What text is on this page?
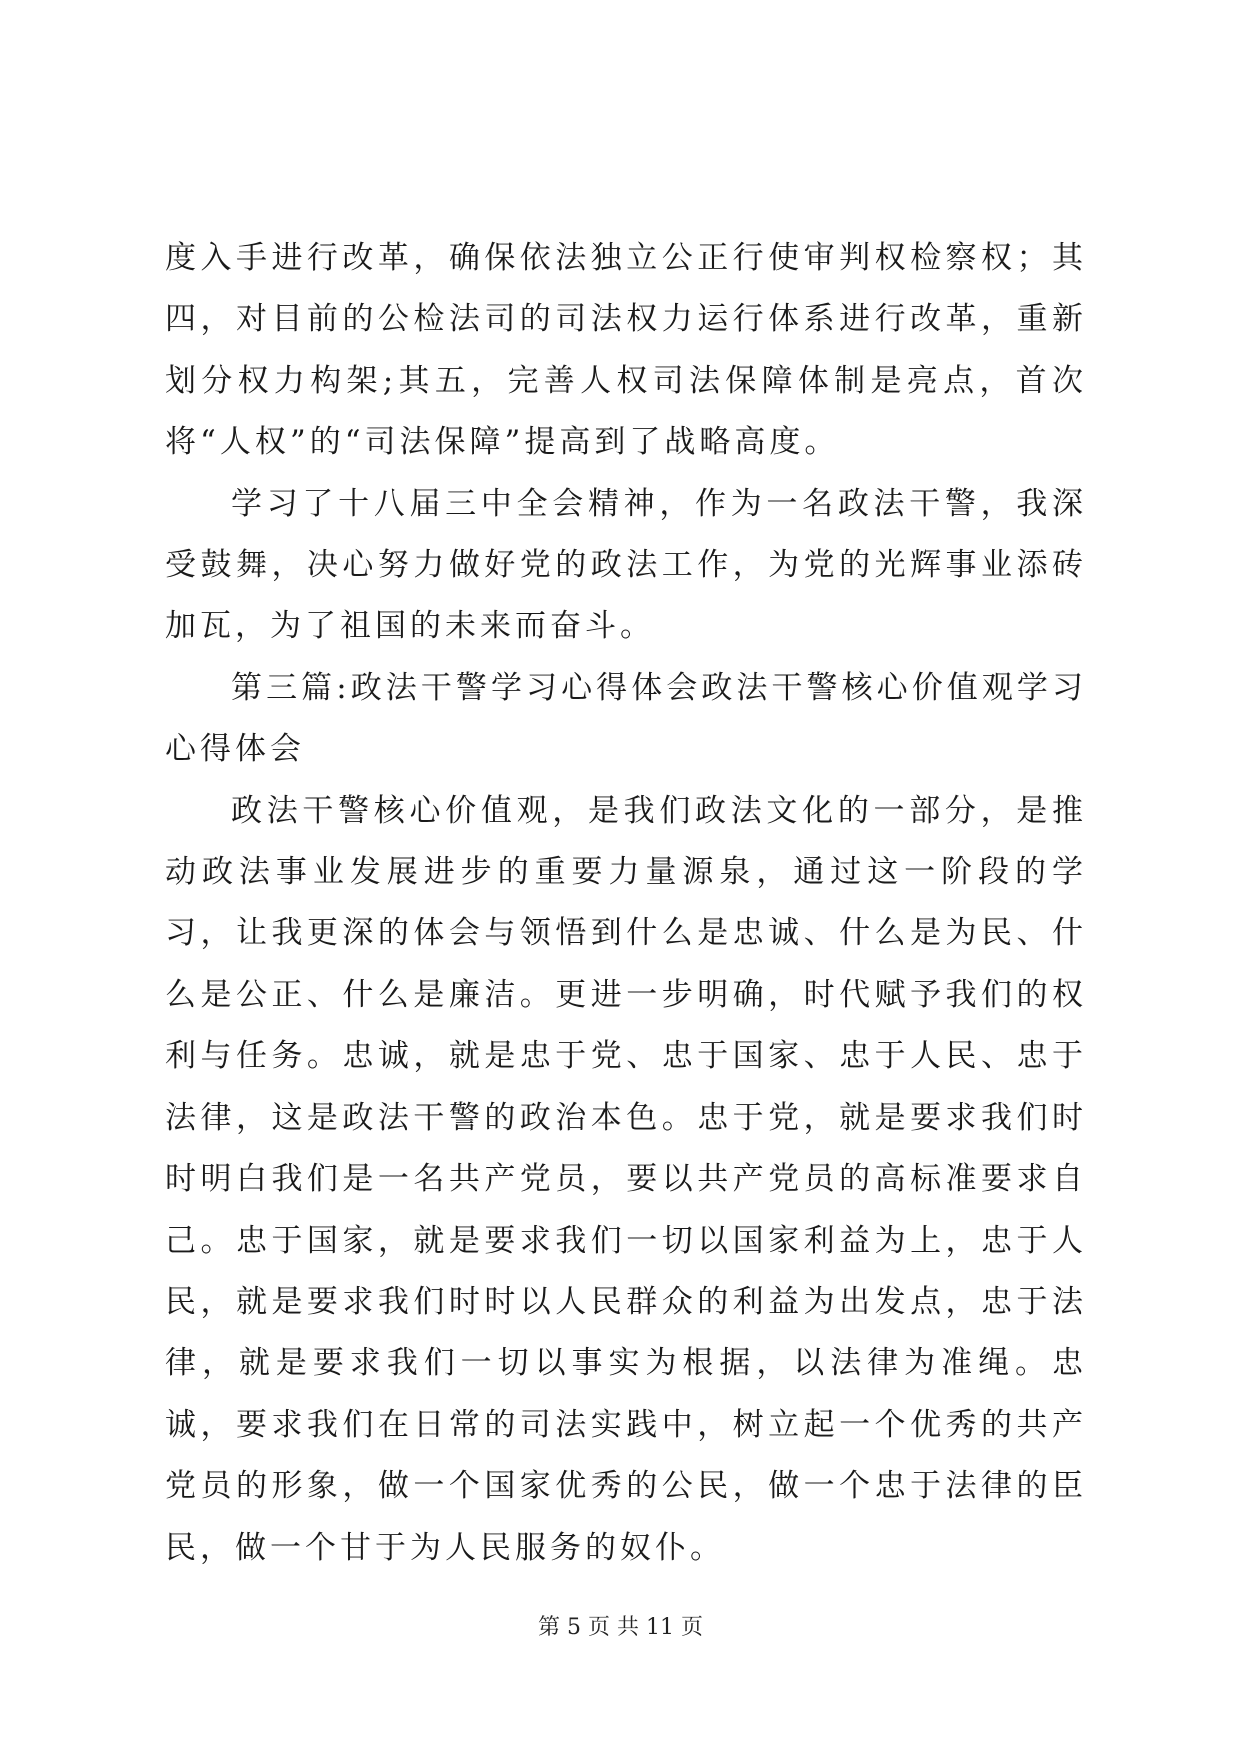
度入手进行改革，确保依法独立公正行使审判权检察权；其四，对目前的公检法司的司法权力运行体系进行改革，重新划分权力构架;其五，完善人权司法保障体制是亮点，首次将“人权”的“司法保障”提高到了战略高度。

学习了十八届三中全会精神，作为一名政法干警，我深受鼓舞，决心努力做好党的政法工作，为党的光辉事业添砖加瓦，为了祖国的未来而奋斗。

第三篇:政法干警学习心得体会政法干警核心价值观学习心得体会

政法干警核心价值观，是我们政法文化的一部分，是推动政法事业发展进步的重要力量源泉，通过这一阶段的学习，让我更深的体会与领悟到什么是忠诚、什么是为民、什么是公正、什么是廉洁。更进一步明确，时代赋予我们的权利与任务。忠诚，就是忠于党、忠于国家、忠于人民、忠于法律，这是政法干警的政治本色。忠于党，就是要求我们时时明白我们是一名共产党员，要以共产党员的高标准要求自己。忠于国家，就是要求我们一切以国家利益为上，忠于人民，就是要求我们时时以人民群众的利益为出发点，忠于法律，就是要求我们一切以事实为根据，以法律为准绳。忠诚，要求我们在日常的司法实践中，树立起一个优秀的共产党员的形象，做一个国家优秀的公民，做一个忠于法律的臣民，做一个甘于为人民服务的奴仆。

第 5 页 共 11 页
